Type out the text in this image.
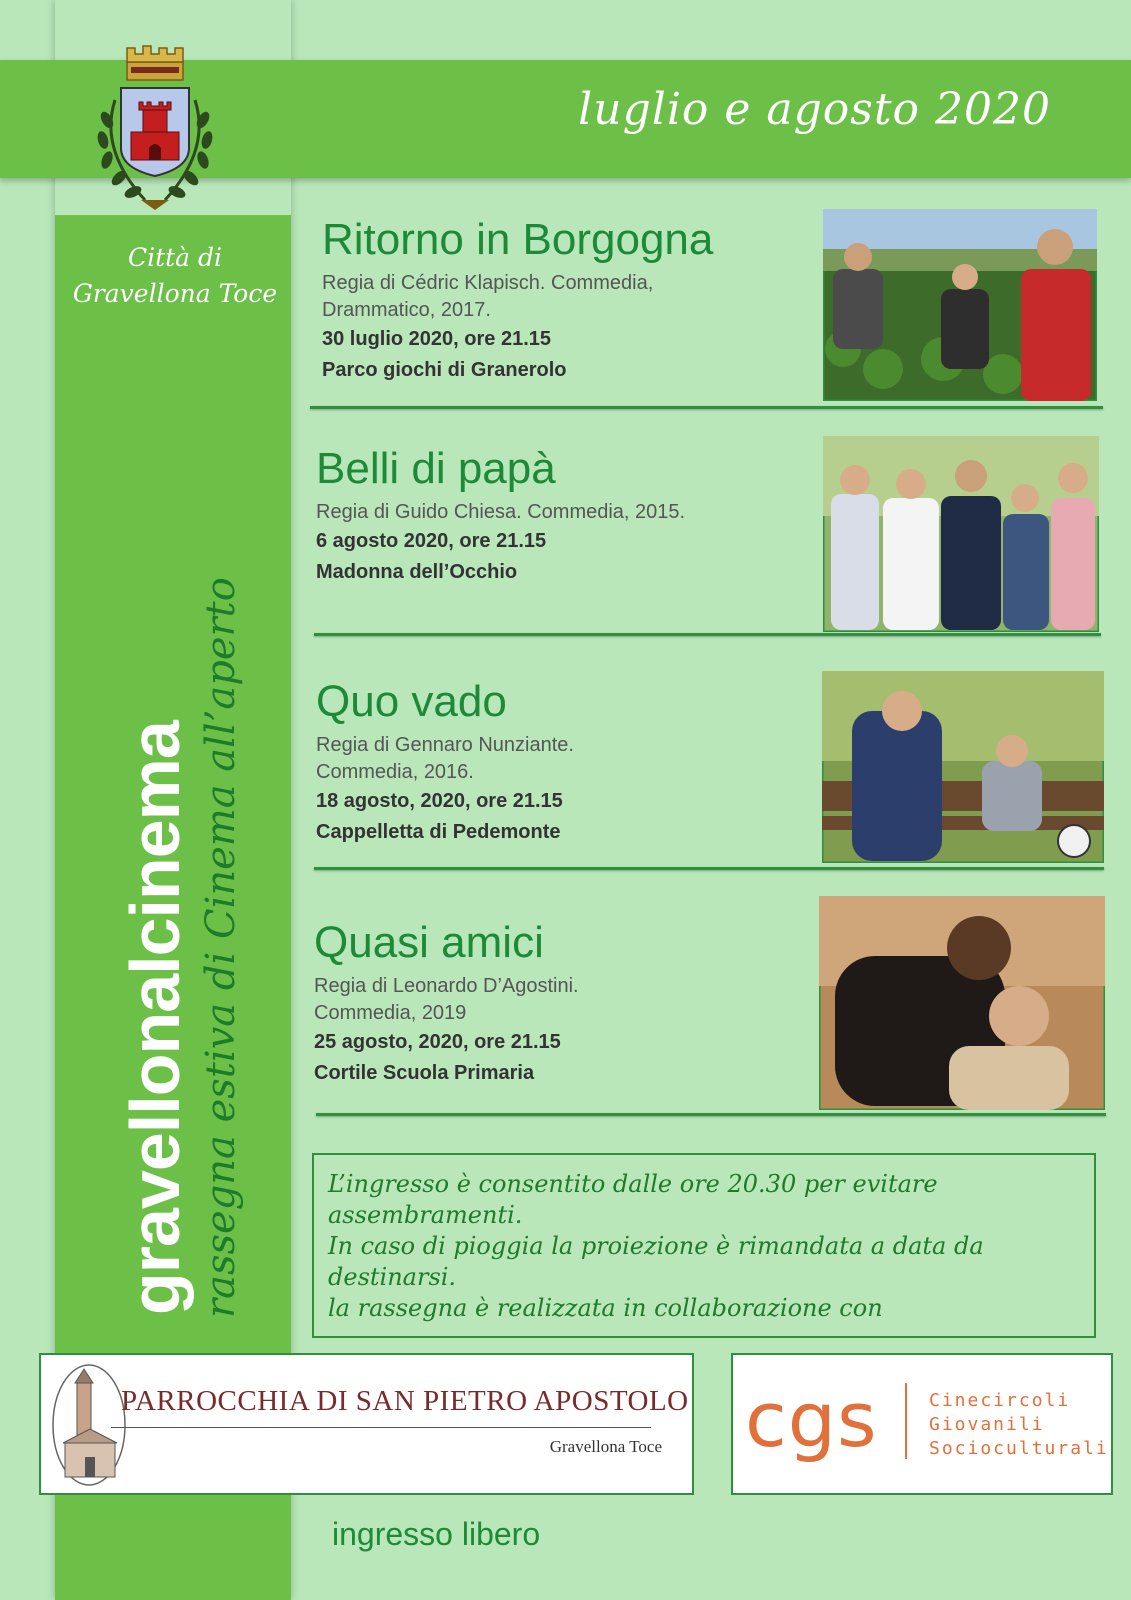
luglio e agosto 2020
Città di
Gravellona Toce
gravellonalcinema rassegna estiva di Cinema all’aperto
Ritorno in Borgogna
Regia di Cédric Klapisch. Commedia,
Drammatico, 2017.
30 luglio 2020, ore 21.15
Parco giochi di Granerolo
Belli di papà
Regia di Guido Chiesa. Commedia, 2015.
6 agosto 2020, ore 21.15
Madonna dell’Occhio
Quo vado
Regia di Gennaro Nunziante.
Commedia, 2016.
18 agosto, 2020, ore 21.15
Cappelletta di Pedemonte
Quasi amici
Regia di Leonardo D’Agostini.
Commedia, 2019
25 agosto, 2020, ore 21.15
Cortile Scuola Primaria

L’ingresso è consentito dalle ore 20.30 per evitare

assembramenti.

In caso di pioggia la proiezione è rimandata a data da

destinarsi.

la rassegna è realizzata in collaborazione con

PARROCCHIA DI SAN PIETRO APOSTOLO
Gravellona Toce cgs	Cinecircoli
Giovanili
Socioculturali
ingresso libero
